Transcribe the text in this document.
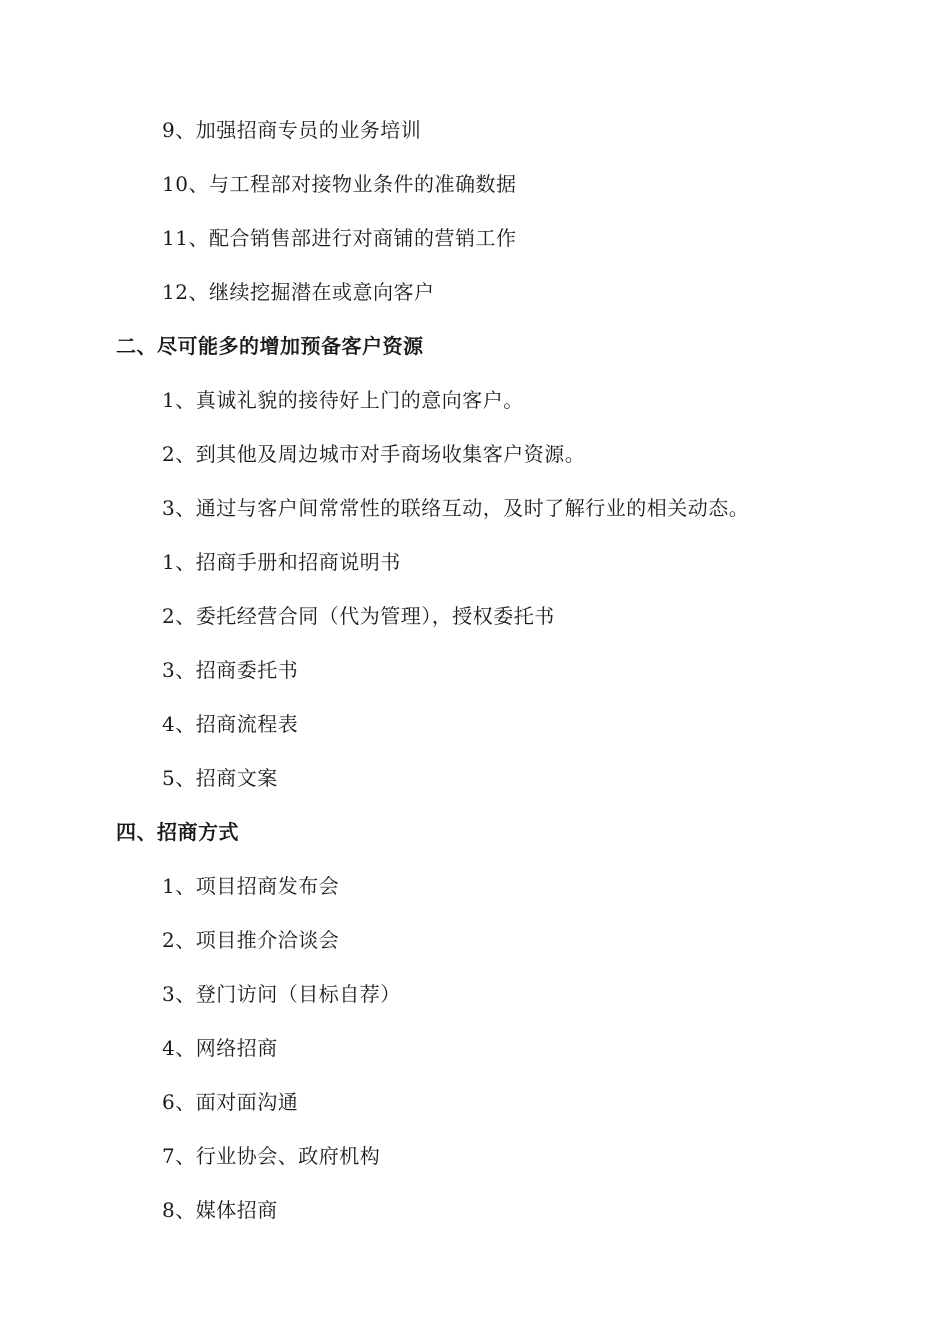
9、加强招商专员的业务培训
10、与工程部对接物业条件的准确数据
11、配合销售部进行对商铺的营销工作
12、继续挖掘潜在或意向客户
二、尽可能多的增加预备客户资源
1、真诚礼貌的接待好上门的意向客户。
2、到其他及周边城市对手商场收集客户资源。
3、通过与客户间常常性的联络互动，及时了解行业的相关动态。
1、招商手册和招商说明书
2、委托经营合同（代为管理），授权委托书
3、招商委托书
4、招商流程表
5、招商文案
四、招商方式
1、项目招商发布会
2、项目推介洽谈会
3、登门访问（目标自荐）
4、网络招商
6、面对面沟通
7、行业协会、政府机构
8、媒体招商
